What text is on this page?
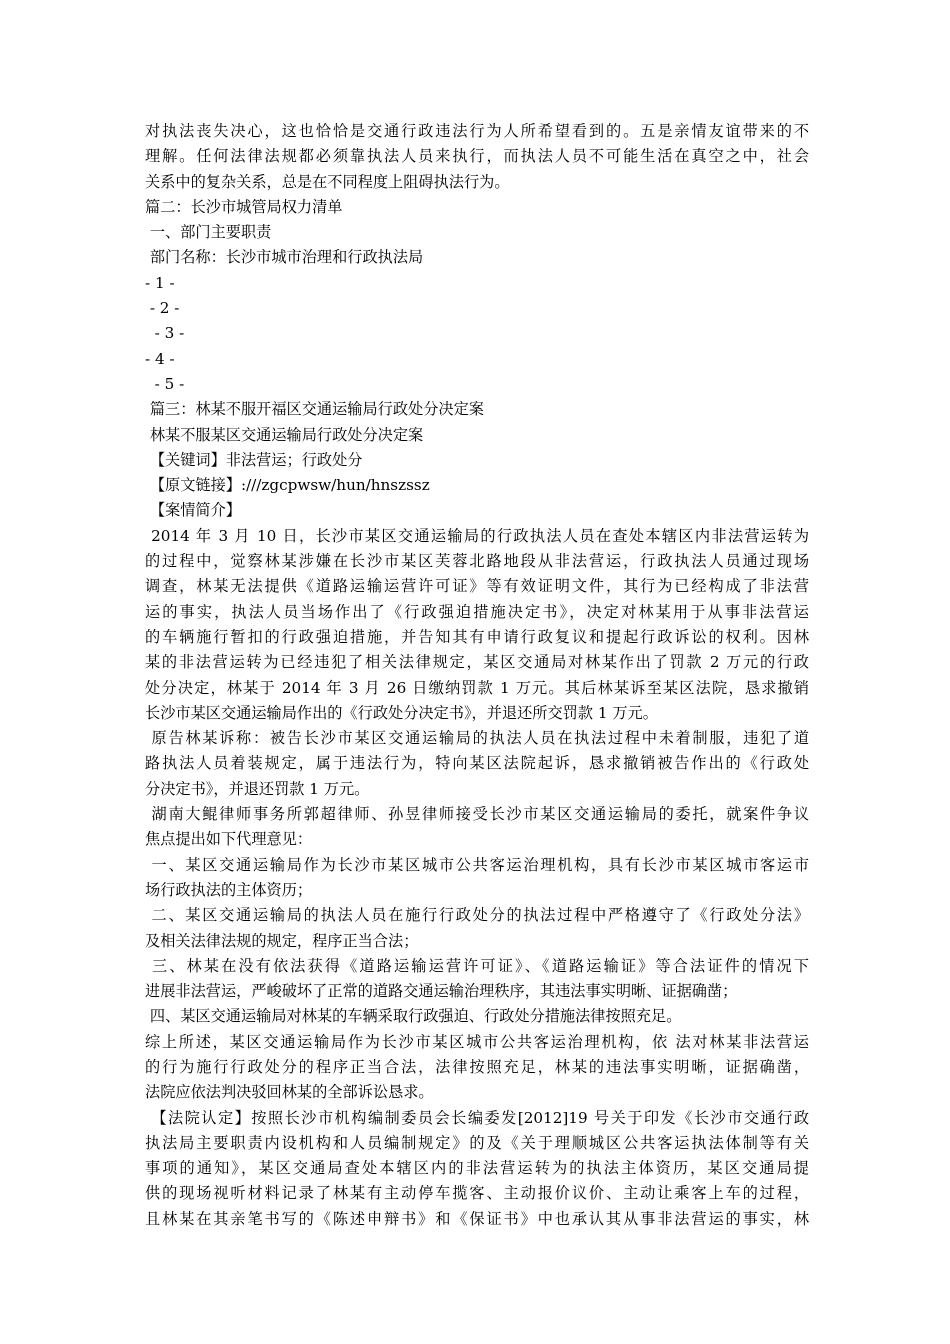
对执法丧失决心，这也恰恰是交通行政违法行为人所希望看到的。五是亲情友谊带来的不
理解。任何法律法规都必须靠执法人员来执行，而执法人员不可能生活在真空之中，社会
关系中的复杂关系，总是在不同程度上阻碍执法行为。
篇二：长沙市城管局权力清单
一、部门主要职责
部门名称：长沙市城市治理和行政执法局
- 1 -
- 2 -
- 3 -
- 4 -
- 5 -
篇三：林某不服开福区交通运输局行政处分决定案
林某不服某区交通运输局行政处分决定案
【关键词】非法营运；行政处分
【原文链接】:///zgcpwsw/hun/hnszssz
【案情简介】
2014 年 3 月 10 日，长沙市某区交通运输局的行政执法人员在查处本辖区内非法营运转为
的过程中，觉察林某涉嫌在长沙市某区芙蓉北路地段从非法营运，行政执法人员通过现场
调查，林某无法提供《道路运输运营许可证》等有效证明文件，其行为已经构成了非法营
运的事实，执法人员当场作出了《行政强迫措施决定书》，决定对林某用于从事非法营运
的车辆施行暂扣的行政强迫措施，并告知其有申请行政复议和提起行政诉讼的权利。因林
某的非法营运转为已经违犯了相关法律规定，某区交通局对林某作出了罚款 2 万元的行政
处分决定，林某于 2014 年 3 月 26 日缴纳罚款 1 万元。其后林某诉至某区法院，恳求撤销
长沙市某区交通运输局作出的《行政处分决定书》，并退还所交罚款 1 万元。
原告林某诉称：被告长沙市某区交通运输局的执法人员在执法过程中未着制服，违犯了道
路执法人员着装规定，属于违法行为，特向某区法院起诉，恳求撤销被告作出的《行政处
分决定书》，并退还罚款 1 万元。
湖南大鲲律师事务所郭超律师、孙昱律师接受长沙市某区交通运输局的委托，就案件争议
焦点提出如下代理意见：
一、某区交通运输局作为长沙市某区城市公共客运治理机构，具有长沙市某区城市客运市
场行政执法的主体资历；
二、某区交通运输局的执法人员在施行行政处分的执法过程中严格遵守了《行政处分法》
及相关法律法规的规定，程序正当合法；
三、林某在没有依法获得《道路运输运营许可证》、《道路运输证》等合法证件的情况下
进展非法营运，严峻破坏了正常的道路交通运输治理秩序，其违法事实明晰、证据确凿；
四、某区交通运输局对林某的车辆采取行政强迫、行政处分措施法律按照充足。
综上所述，某区交通运输局作为长沙市某区城市公共客运治理机构，依 法对林某非法营运
的行为施行行政处分的程序正当合法，法律按照充足，林某的违法事实明晰，证据确凿，
法院应依法判决驳回林某的全部诉讼恳求。
【法院认定】按照长沙市机构编制委员会长编委发[2012]19 号关于印发《长沙市交通行政
执法局主要职责内设机构和人员编制规定》的及《关于理顺城区公共客运执法体制等有关
事项的通知》，某区交通局查处本辖区内的非法营运转为的执法主体资历，某区交通局提
供的现场视听材料记录了林某有主动停车揽客、主动报价议价、主动让乘客上车的过程，
且林某在其亲笔书写的《陈述申辩书》和《保证书》中也承认其从事非法营运的事实，林
